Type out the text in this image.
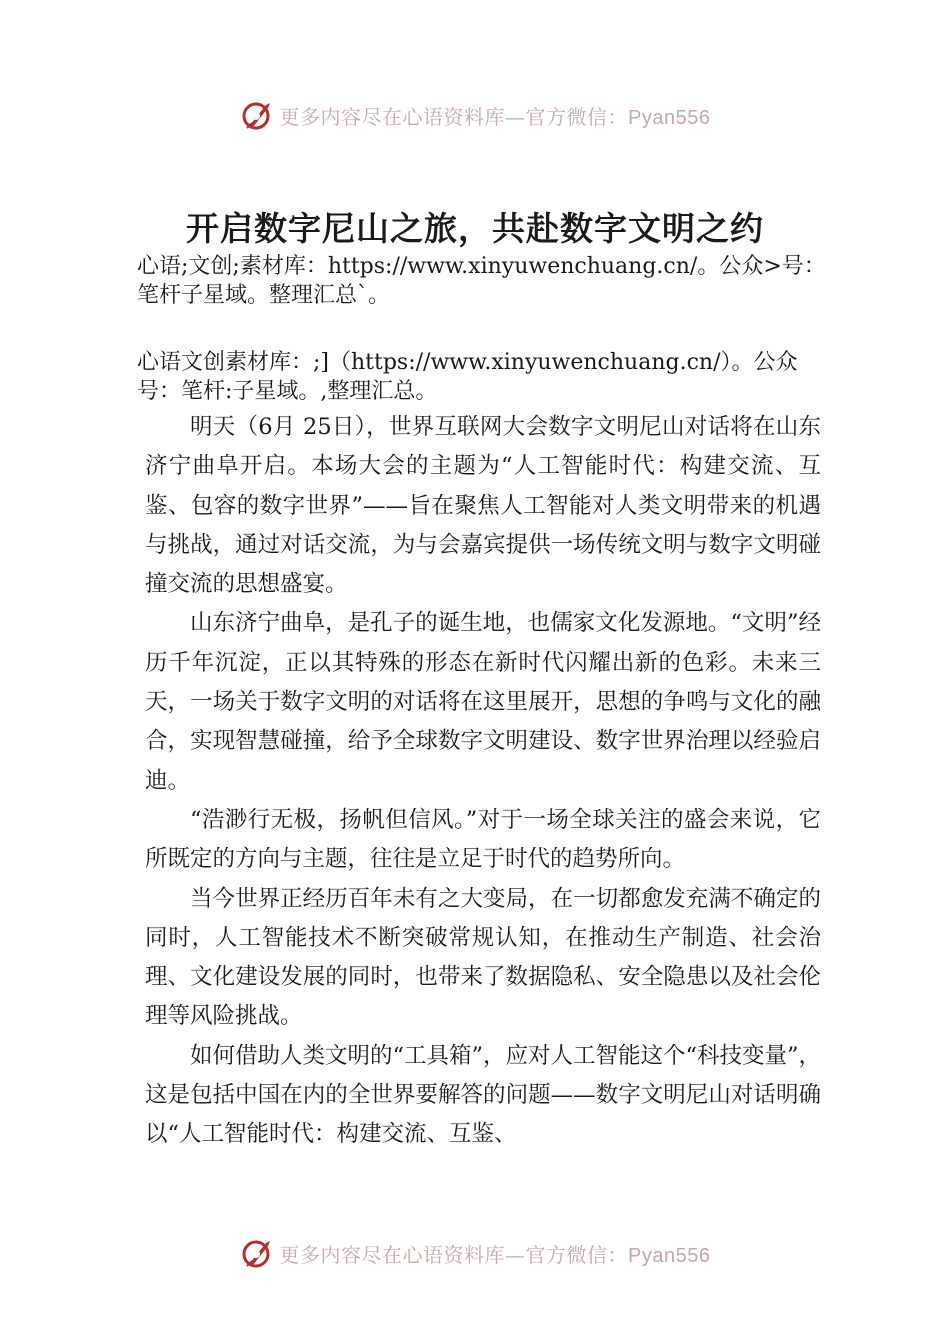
更多内容尽在心语资料库—官方微信：Pyan556
开启数字尼山之旅，共赴数字文明之约

心语;文创;素材库：https://www.xinyuwenchuang.cn/。公众>号：笔杆子星域。整理汇总`。

心语文创素材库：;]（https://www.xinyuwenchuang.cn/）。公众号：笔杆:子星域。,整理汇总。

明天（6月 25日），世界互联网大会数字文明尼山对话将在山东济宁曲阜开启。本场大会的主题为“人工智能时代：构建交流、互鉴、包容的数字世界”——旨在聚焦人工智能对人类文明带来的机遇与挑战，通过对话交流，为与会嘉宾提供一场传统文明与数字文明碰撞交流的思想盛宴。

山东济宁曲阜，是孔子的诞生地，也儒家文化发源地。“文明”经历千年沉淀，正以其特殊的形态在新时代闪耀出新的色彩。未来三天，一场关于数字文明的对话将在这里展开，思想的争鸣与文化的融合，实现智慧碰撞，给予全球数字文明建设、数字世界治理以经验启迪。

“浩渺行无极，扬帆但信风。”对于一场全球关注的盛会来说，它所既定的方向与主题，往往是立足于时代的趋势所向。

当今世界正经历百年未有之大变局，在一切都愈发充满不确定的同时，人工智能技术不断突破常规认知，在推动生产制造、社会治理、文化建设发展的同时，也带来了数据隐私、安全隐患以及社会伦理等风险挑战。

如何借助人类文明的“工具箱”，应对人工智能这个“科技变量”，这是包括中国在内的全世界要解答的问题——数字文明尼山对话明确以“人工智能时代：构建交流、互鉴、

更多内容尽在心语资料库—官方微信：Pyan556
